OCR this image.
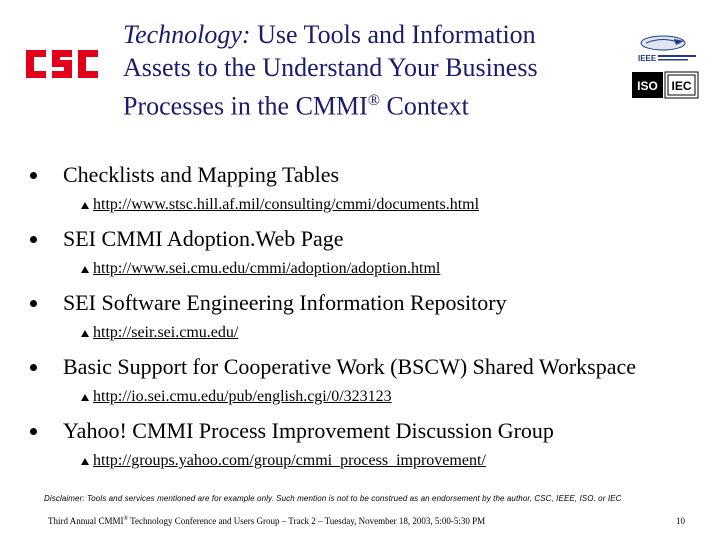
CSC
Technology: Use Tools and Information
Assets to the Understand Your Business
Processes in the CMMI® Context
IEEE
ISO IEC
Checklists and Mapping Tables
http://www.stsc.hill.af.mil/consulting/cmmi/documents.html
SEI CMMI Adoption.Web Page
http://www.sei.cmu.edu/cmmi/adoption/adoption.html
SEI Software Engineering Information Repository
http://seir.sei.cmu.edu/
Basic Support for Cooperative Work (BSCW) Shared Workspace
http://io.sei.cmu.edu/pub/english.cgi/0/323123
Yahoo! CMMI Process Improvement Discussion Group
http://groups.yahoo.com/group/cmmi_process_improvement/
Disclaimer: Tools and services mentioned are for example only. Such mention is not to be construed as an endorsement by the author, CSC, IEEE, ISO. or IEC
Third Annual CMMI® Technology Conference and Users Group – Track 2 – Tuesday, November 18, 2003, 5:00-5:30 PM	10
